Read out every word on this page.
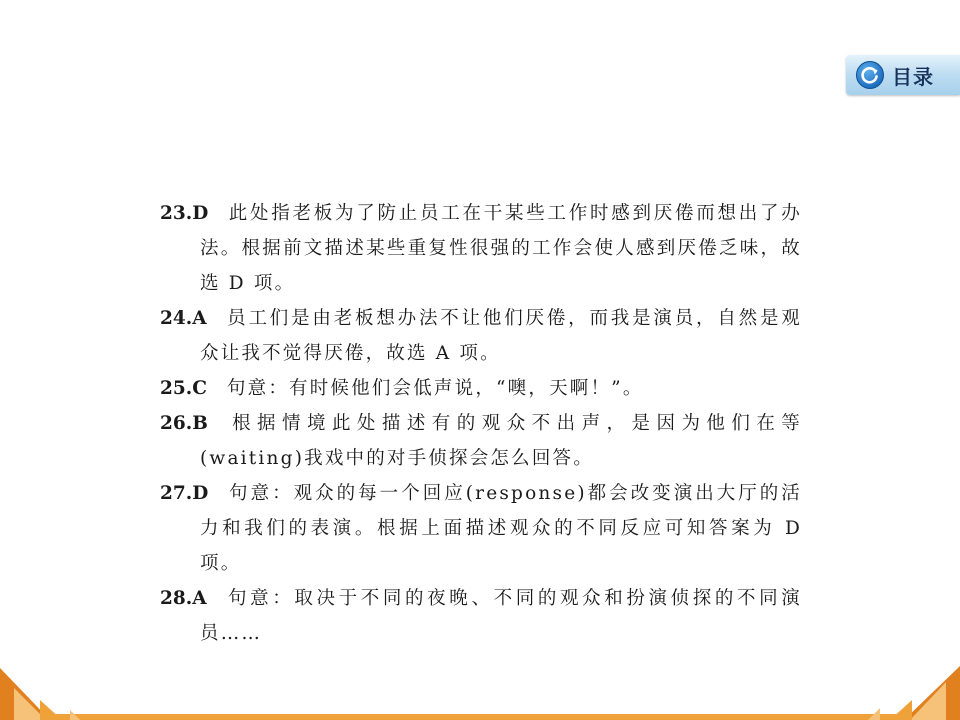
目录
23.D 此处指老板为了防止员工在干某些工作时感到厌倦而想出了办法。根据前文描述某些重复性很强的工作会使人感到厌倦乏味，故选 D 项。
24.A 员工们是由老板想办法不让他们厌倦，而我是演员，自然是观众让我不觉得厌倦，故选 A 项。
25.C 句意：有时候他们会低声说，“噢，天啊！”。
26.B 根据情境此处描述有的观众不出声，是因为他们在等(waiting)我戏中的对手侦探会怎么回答。
27.D 句意：观众的每一个回应(response)都会改变演出大厅的活力和我们的表演。根据上面描述观众的不同反应可知答案为 D 项。
28.A 句意：取决于不同的夜晚、不同的观众和扮演侦探的不同演员……
